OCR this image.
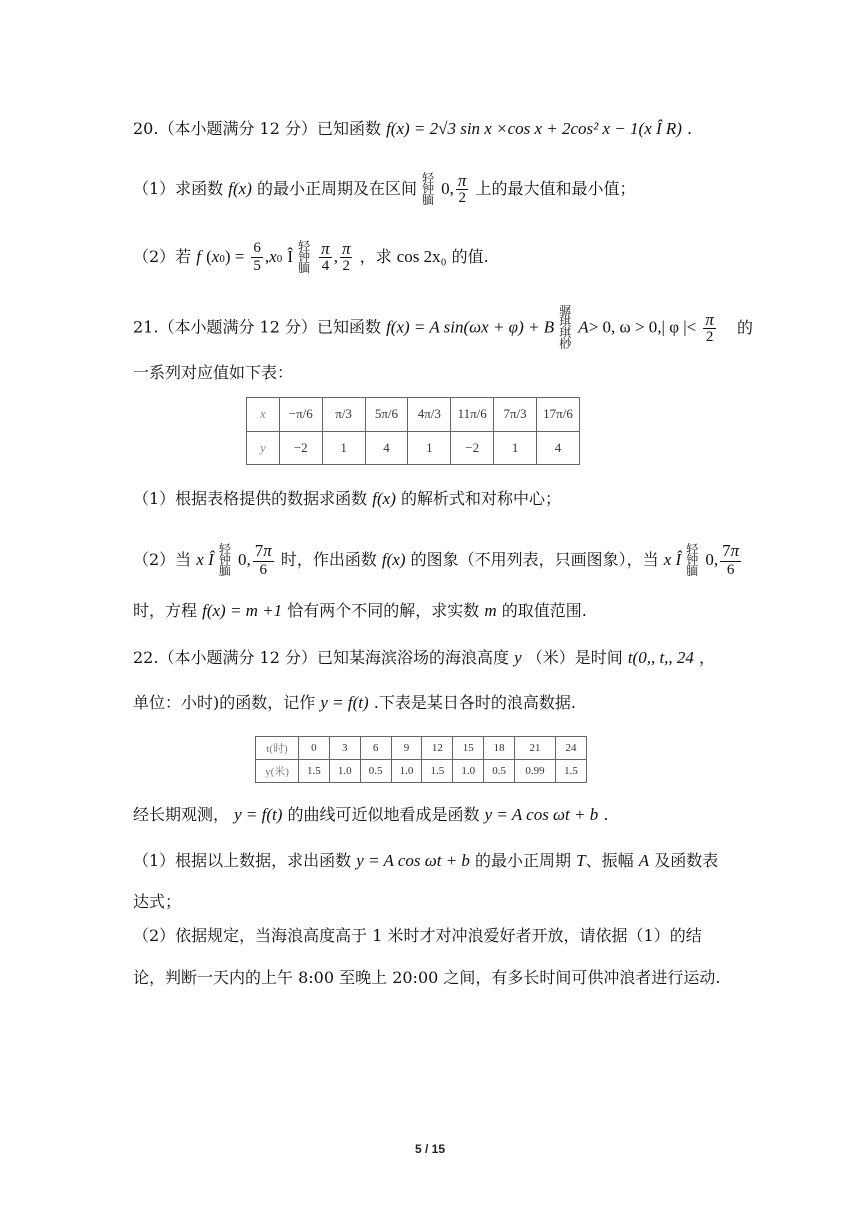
20.（本小题满分 12 分）已知函数 f(x) = 2√3 sin x ×cos x + 2cos² x − 1(x Î R) .
（1）求函数 f(x) 的最小正周期及在区间 轻钟腼 0, $\frac{\pi}{2}$ 上的最大值和最小值；
（2）若 f $(x0) = \frac{6}{5} ,x0$ Î 轻钟腼 $\frac{\pi}{4}$ , $\frac{\pi}{2}$ ，求 cos 2x₀ 的值.
21.（本小题满分 12 分）已知函数 f(x) = A sin(ωx + φ) + B 骣琪琪桫 A> 0, ω > 0,| φ |< $\frac{\pi}{2}$ 的
一系列对应值如下表：
x	−π/6	π/3	5π/6	4π/3	11π/6	7π/3	17π/6
y	−2	1	4	1	−2	1	4
（1）根据表格提供的数据求函数 f(x) 的解析式和对称中心；
（2）当 x Î 轻钟腼 0, $\frac{7\pi}{6}$ 时，作出函数 f(x) 的图象（不用列表，只画图象），当 x Î 轻钟腼 0, $\frac{7\pi}{6}$
时，方程 f(x) = m +1 恰有两个不同的解，求实数 m 的取值范围.
22.（本小题满分 12 分）已知某海滨浴场的海浪高度 y （米）是时间 t(0,, t,, 24 ，
单位：小时)的函数，记作 y = f(t) .下表是某日各时的浪高数据.
t(时)	0	3	6	9	12	15	18	21	24
y(米)	1.5	1.0	0.5	1.0	1.5	1.0	0.5	0.99	1.5
经长期观测， y = f(t) 的曲线可近似地看成是函数 y = A cos ωt + b .
（1）根据以上数据，求出函数 y = A cos ωt + b 的最小正周期 T、振幅 A 及函数表
达式；
（2）依据规定，当海浪高度高于 1 米时才对冲浪爱好者开放，请依据（1）的结
论，判断一天内的上午 8:00 至晚上 20:00 之间，有多长时间可供冲浪者进行运动.
5 / 15
